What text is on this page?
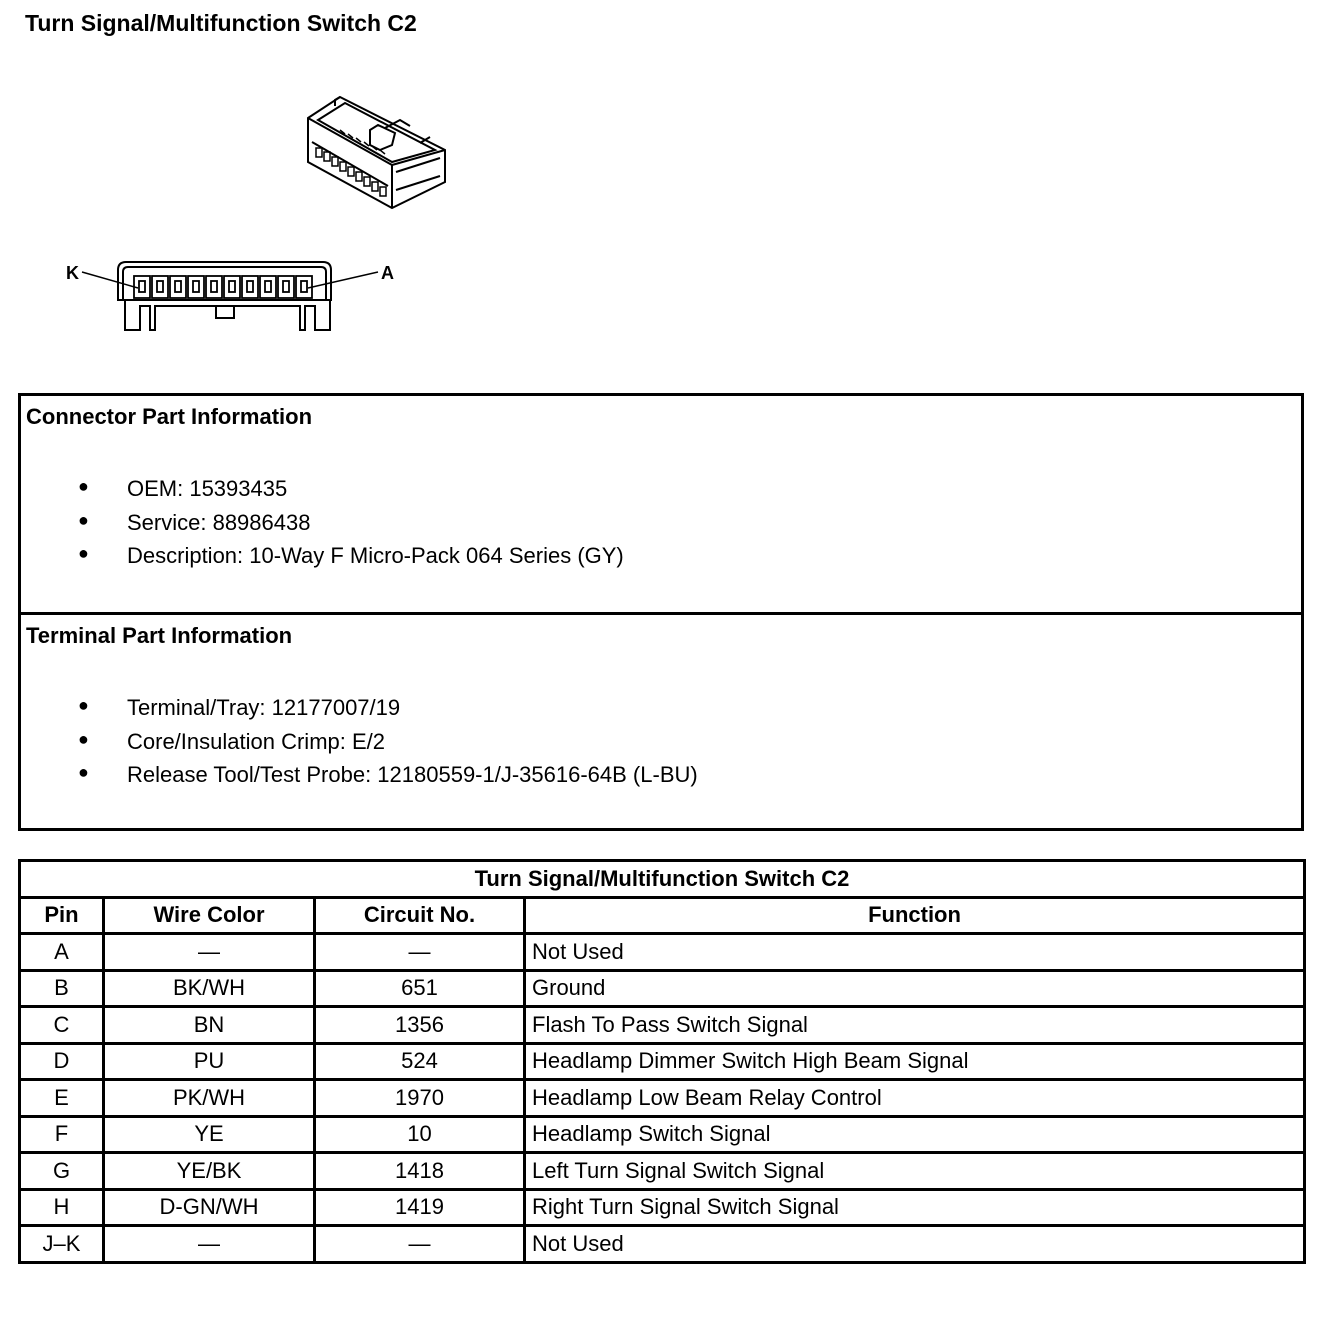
Turn Signal/Multifunction Switch C2
K	A
Connector Part Information
● OEM: 15393435
● Service: 88986438
● Description: 10-Way F Micro-Pack 064 Series (GY)
Terminal Part Information
● Terminal/Tray: 12177007/19
● Core/Insulation Crimp: E/2
● Release Tool/Test Probe: 12180559-1/J-35616-64B (L-BU)
Turn Signal/Multifunction Switch C2			
Pin	Wire Color	Circuit No.	Function
A	—	—	Not Used
B	BK/WH	651	Ground
C	BN	1356	Flash To Pass Switch Signal
D	PU	524	Headlamp Dimmer Switch High Beam Signal
E	PK/WH	1970	Headlamp Low Beam Relay Control
F	YE	10	Headlamp Switch Signal
G	YE/BK	1418	Left Turn Signal Switch Signal
H	D-GN/WH	1419	Right Turn Signal Switch Signal
J–K	—	—	Not Used
